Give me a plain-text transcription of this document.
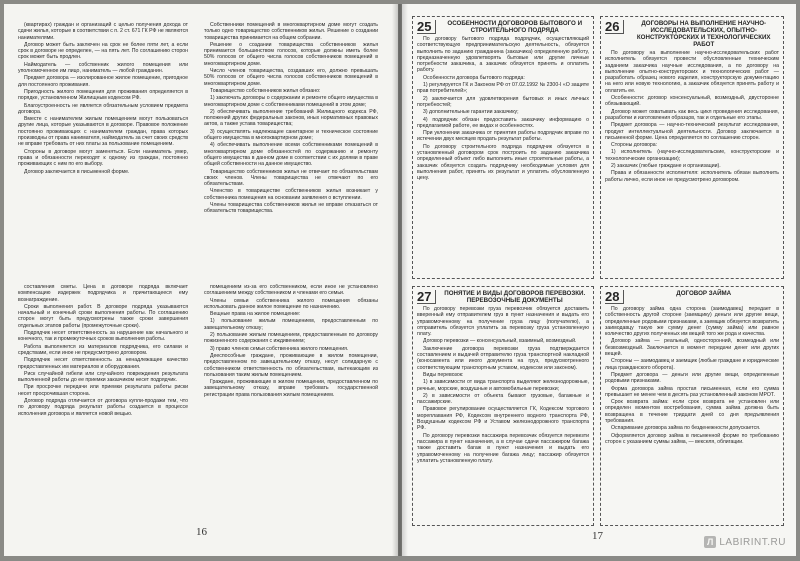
(квартирах) граждан и организаций с целью получения дохода от сдачи жилья, которые в соответствии с п. 2 ст. 671 ГК РФ не являются нанимателями.

Договор может быть заключен на срок не более пяти лет, а если срок в договоре не определен, — на пять лет. По соглашению сторон срок может быть продлен.

Наймодатель — собственник жилого помещения или уполномоченное им лицо, наниматель — любой гражданин.

Предмет договора — изолированное жилое помещение, пригодное для постоянного проживания.

Пригодность жилого помещения для проживания определяется в порядке, установленном Жилищным кодексом РФ.

Благоустроенность не является обязательным условием предмета договора.

Вместе с нанимателем жилым помещением могут пользоваться другие лица, которые указываются в договоре. Правовое положение постоянно проживающих с нанимателем граждан, права которых производны от права нанимателя, наймодатель за счет своих средств не вправе требовать от них платы за пользование помещением.

Стороны в договоре могут заменяться. Если наниматель умер, права и обязанности переходят к одному из граждан, постоянно проживающих с ним по его выбору.

Договор заключается в письменной форме.

Собственники помещений в многоквартирном доме могут создать только одно товарищество собственников жилья. Решение о создании товарищества принимается на общем собрании.

Решение о создании товарищества собственников жилья принимается большинством голосов, которые должны иметь более 50% голосов от общего числа голосов собственников помещений в многоквартирном доме.

Число членов товарищества, создавших его, должно превышать 50% голосов от общего числа голосов собственников помещений в многоквартирном доме.

Товарищество собственников жилья обязано:

1) заключать договоры о содержании и ремонте общего имущества в многоквартирном доме с собственниками помещений в этом доме;

2) обеспечивать выполнение требований Жилищного кодекса РФ, положений других федеральных законов, иных нормативных правовых актов, а также устава товарищества;

3) осуществлять надлежащее санитарное и техническое состояние общего имущества в многоквартирном доме;

4) обеспечивать выполнение всеми собственниками помещений в многоквартирном доме обязанностей по содержанию и ремонту общего имущества в данном доме в соответствии с их долями в праве общей собственности на данное имущество.

Товарищество собственников жилья не отвечает по обязательствам своих членов. Члены товарищества не отвечают по его обязательствам.

Членство в товариществе собственников жилья возникает у собственника помещения на основании заявления о вступлении.

Члены товарищества собственников жилья не вправе отказаться от обязательств товарищества.

составления сметы. Цена в договоре подряда включает компенсацию издержек подрядчика и причитающееся ему вознаграждение.

Сроки выполнения работ. В договоре подряда указываются начальный и конечный сроки выполнения работы. По соглашению сторон могут быть предусмотрены также сроки завершения отдельных этапов работы (промежуточные сроки).

Подрядчик несет ответственность за нарушение как начального и конечного, так и промежуточных сроков выполнения работы.

Работа выполняется из материалов подрядчика, его силами и средствами, если иное не предусмотрено договором.

Подрядчик несет ответственность за ненадлежащее качество предоставленных им материалов и оборудования.

Риск случайной гибели или случайного повреждения результата выполненной работы до ее приемки заказчиком несет подрядчик.

При просрочке передачи или приемки результата работы риски несет просрочившая сторона.

Договор подряда отличается от договора купли-продажи тем, что по договору подряда результат работы создается в процессе исполнения договора и является новой вещью.

помещением из-за его собственником, если иное не установлено соглашением между собственником и членами его семьи.

Члены семьи собственника жилого помещения обязаны использовать данное жилое помещение по назначению.

Вещные права на жилое помещение:

1) пользование жилым помещением, предоставленным по завещательному отказу;

2) пользование жилым помещением, предоставленным по договору пожизненного содержания с иждивением;

3) право членов семьи собственника жилого помещения.

Дееспособные граждане, проживающие в жилом помещении, предоставленном по завещательному отказу, несут солидарную с собственником ответственность по обязательствам, вытекающим из пользования таким жилым помещением.

Граждане, проживающие в жилом помещении, предоставленном по завещательному отказу, вправе требовать государственной регистрации права пользования жилым помещением.

16
25	ОСОБЕННОСТИ ДОГОВОРОВ БЫТОВОГО И СТРОИТЕЛЬНОГО ПОДРЯДА

По договору бытового подряда подрядчик, осуществляющий соответствующую предпринимательскую деятельность, обязуется выполнить по заданию гражданина (заказчика) определенную работу, предназначенную удовлетворять бытовые или другие личные потребности заказчика, а заказчик обязуется принять и оплатить работу.

Особенности договора бытового подряда:

1) регулируется ГК и Законом РФ от 07.02.1992 № 2300-I «О защите прав потребителей»;

2) заключается для удовлетворения бытовых и иных личных потребностей;

3) дополнительные гарантии заказчику;

4) подрядчик обязан предоставить заказчику информацию о предлагаемой работе, ее видах и особенностях.

При уклонении заказчика от принятия работы подрядчик вправе по истечении двух месяцев продать результат работы.

По договору строительного подряда подрядчик обязуется в установленный договором срок построить по заданию заказчика определенный объект либо выполнить иные строительные работы, а заказчик обязуется создать подрядчику необходимые условия для выполнения работ, принять их результат и уплатить обусловленную цену.

26	ДОГОВОРЫ НА ВЫПОЛНЕНИЕ НАУЧНО-ИССЛЕДОВАТЕЛЬСКИХ, ОПЫТНО-КОНСТРУКТОРСКИХ И ТЕХНОЛОГИЧЕСКИХ РАБОТ

По договору на выполнение научно-исследовательских работ исполнитель обязуется провести обусловленные техническим заданием заказчика научные исследования, а по договору на выполнение опытно-конструкторских и технологических работ — разработать образец нового изделия, конструкторскую документацию на него или новую технологию, а заказчик обязуется принять работу и оплатить ее.

Особенности: договор консенсуальный, возмездный, двусторонне обязывающий.

Договор может охватывать как весь цикл проведения исследования, разработки и изготовления образцов, так и отдельные его этапы.

Предмет договора — научно-технический результат исследования, продукт интеллектуальной деятельности. Договор заключается в письменной форме. Цена определяется по соглашению сторон.

Стороны договора:

1) исполнитель (научно-исследовательские, конструкторские и технологические организации);

2) заказчик (любые граждане и организации).

Права и обязанности исполнителя: исполнитель обязан выполнить работы лично, если иное не предусмотрено договором.

27	ПОНЯТИЕ И ВИДЫ ДОГОВОРОВ ПЕРЕВОЗКИ. ПЕРЕВОЗОЧНЫЕ ДОКУМЕНТЫ

По договору перевозки груза перевозчик обязуется доставить вверенный ему отправителем груз в пункт назначения и выдать его управомоченному на получение груза лицу (получателю), а отправитель обязуется уплатить за перевозку груза установленную плату.

Договор перевозки — консенсуальный, взаимный, возмездный.

Заключение договора перевозки груза подтверждается составлением и выдачей отправителю груза транспортной накладной (коносамента или иного документа на груз, предусмотренного соответствующим транспортным уставом, кодексом или законом).

Виды перевозок:

1) в зависимости от вида транспорта выделяют железнодорожные, речные, морские, воздушные и автомобильные перевозки;

2) в зависимости от объекта бывают грузовые, багажные и пассажирские.

Правовое регулирование осуществляется ГК, Кодексом торгового мореплавания РФ, Кодексом внутреннего водного транспорта РФ, Воздушным кодексом РФ и Уставом железнодорожного транспорта РФ.

По договору перевозки пассажира перевозчик обязуется перевезти пассажира в пункт назначения, а в случае сдачи пассажиром багажа также доставить багаж в пункт назначения и выдать его управомоченному на получение багажа лицу; пассажир обязуется уплатить установленную плату.

28	ДОГОВОР ЗАЙМА

По договору займа одна сторона (заимодавец) передает в собственность другой стороне (заемщику) деньги или другие вещи, определенные родовыми признаками, а заемщик обязуется возвратить заимодавцу такую же сумму денег (сумму займа) или равное количество других полученных им вещей того же рода и качества.

Договор займа — реальный, односторонний, возмездный или безвозмездный. Заключается в момент передачи денег или других вещей.

Стороны — заимодавец и заемщик (любые граждане и юридические лица гражданского оборота).

Предмет договора — деньги или другие вещи, определенные родовыми признаками.

Форма договора займа простая письменная, если его сумма превышает не менее чем в десять раз установленный законом МРОТ.

Срок возврата займа: если срок возврата не установлен или определен моментом востребования, сумма займа должна быть возвращена в течение тридцати дней со дня предъявления требования.

Оспаривание договора займа по безденежности допускается.

Оформляется договор займа в письменной форме по требованию сторон с указанием суммы займа, — векселя, облигации.

17	Л LABIRINT.RU
